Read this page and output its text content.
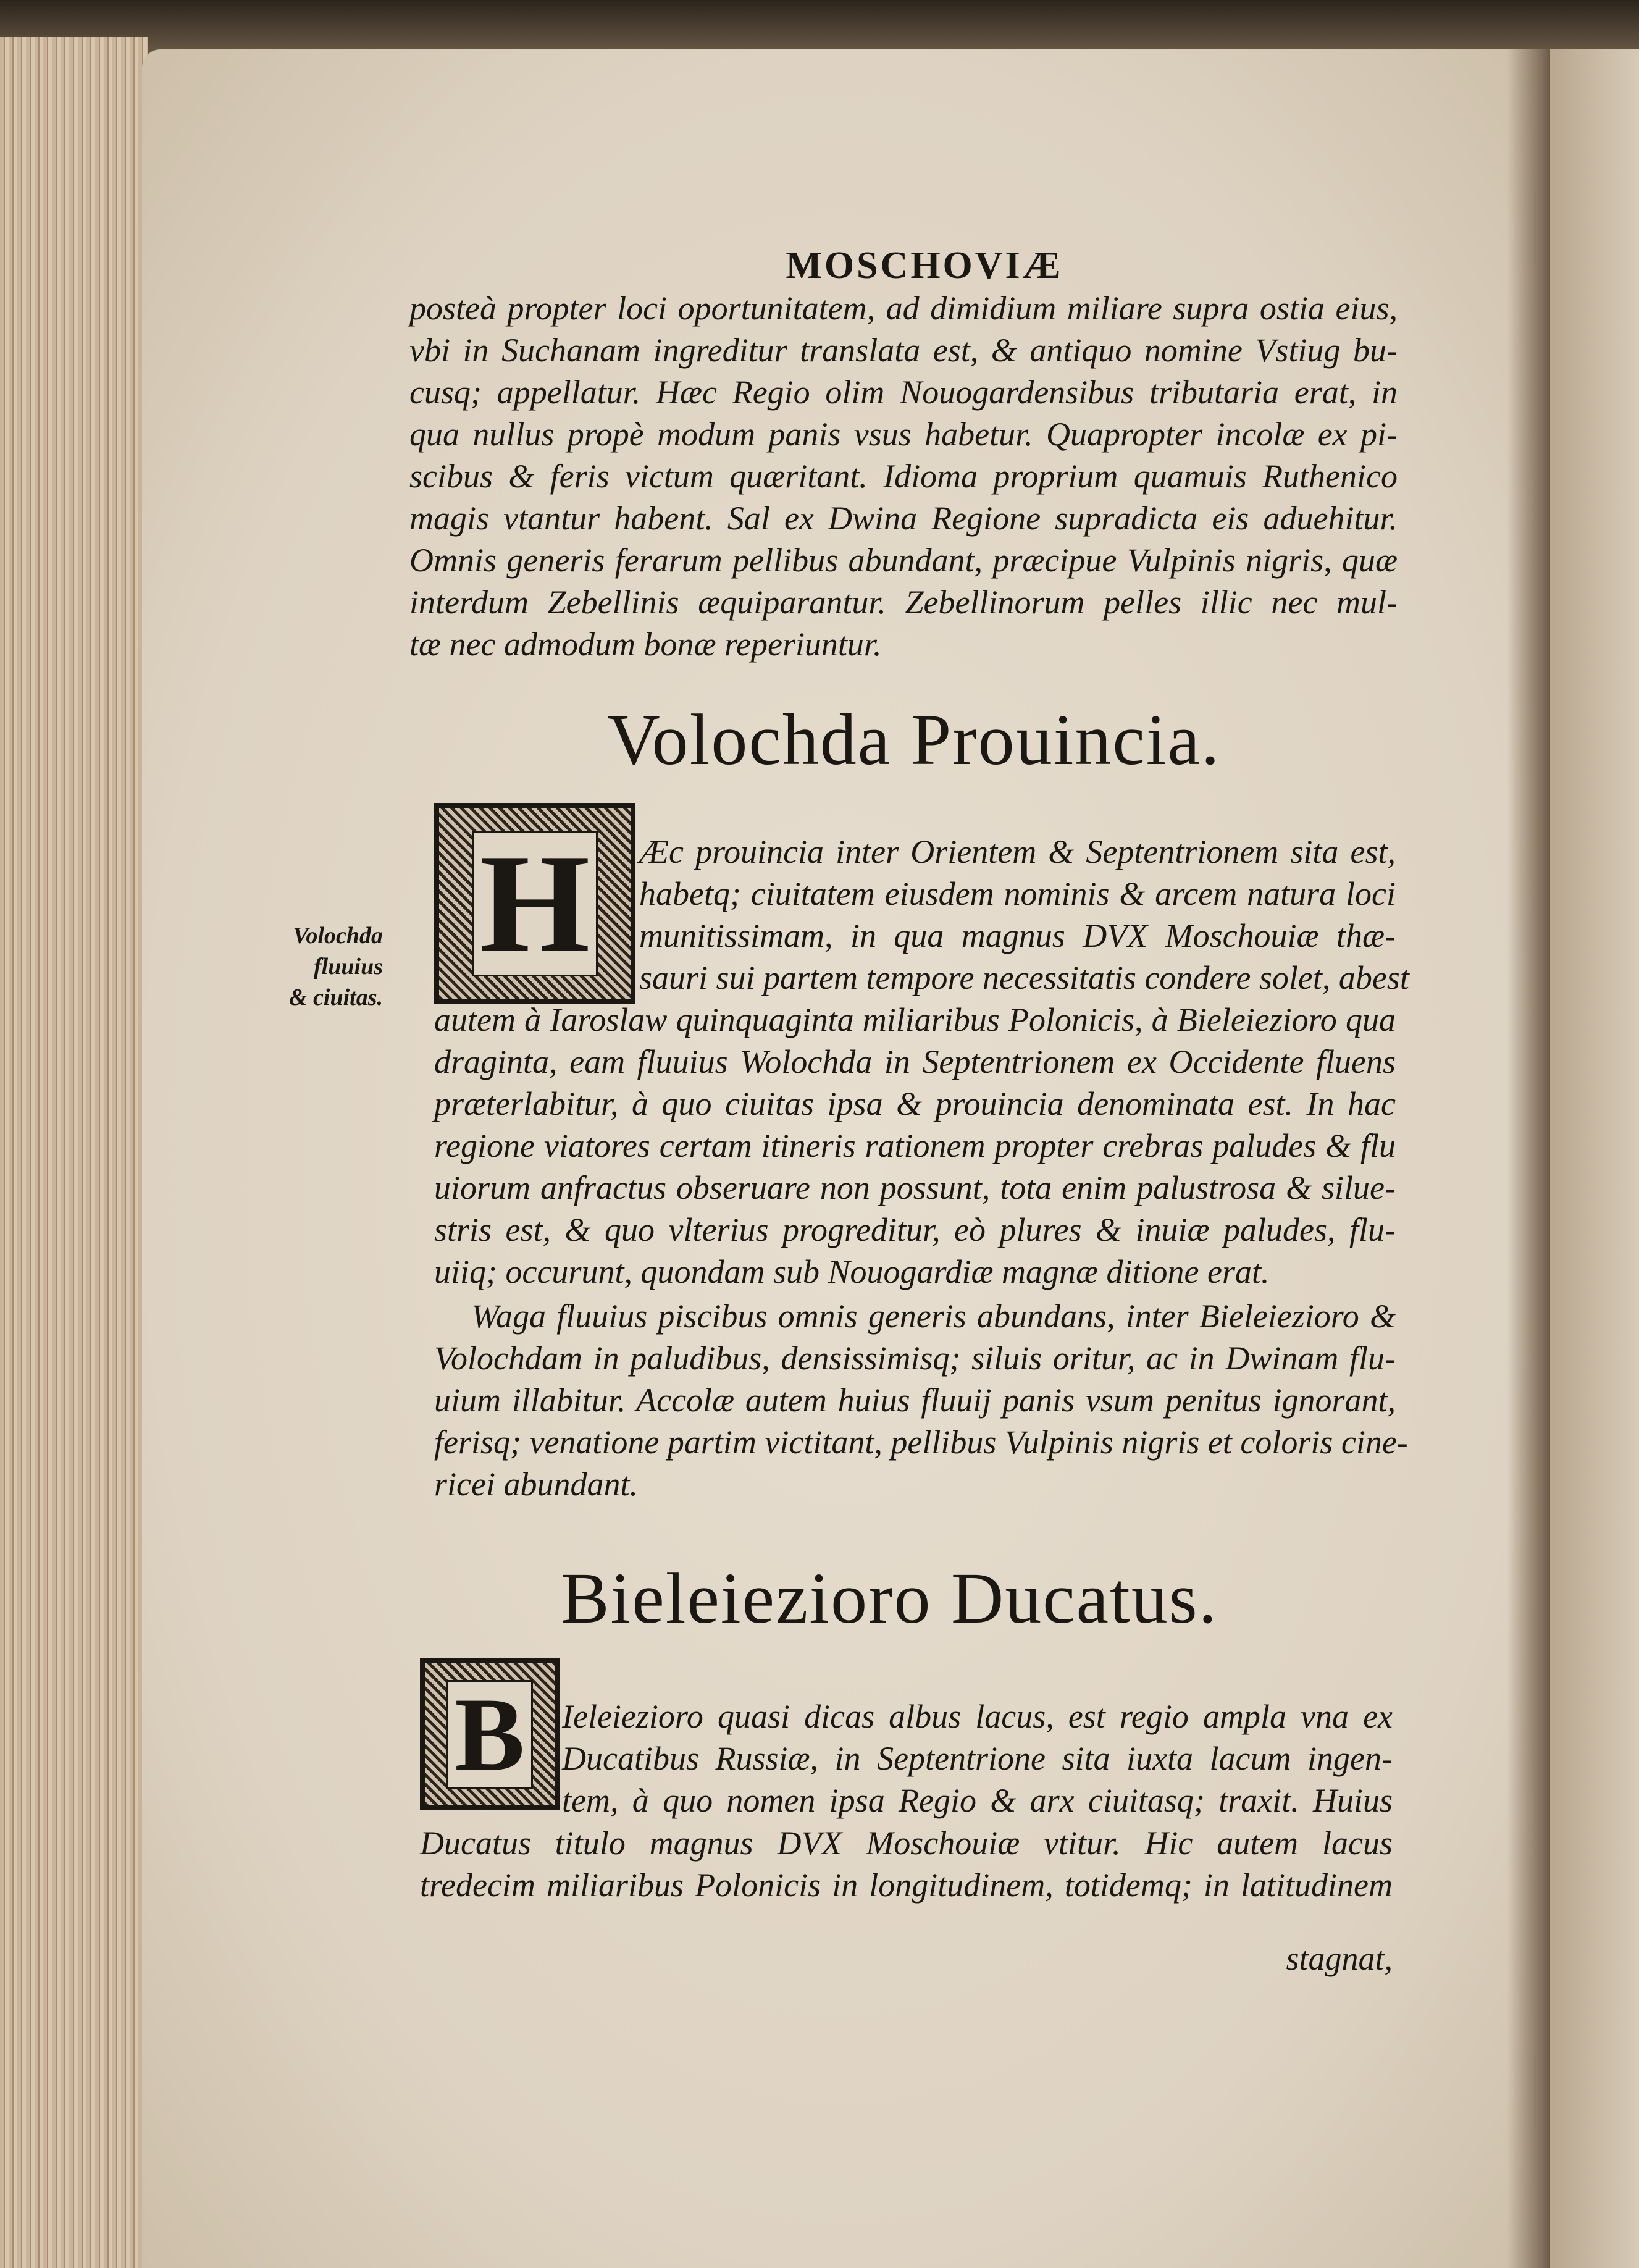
MOSCHOVIÆ
posteà propter loci oportunitatem, ad dimidium miliare supra ostia eius,
vbi in Suchanam ingreditur translata est, & antiquo nomine Vstiug bu-
cusq; appellatur. Hæc Regio olim Nouogardensibus tributaria erat, in
qua nullus propè modum panis vsus habetur. Quapropter incolæ ex pi-
scibus & feris victum quæritant. Idioma proprium quamuis Ruthenico
magis vtantur habent. Sal ex Dwina Regione supradicta eis aduehitur.
Omnis generis ferarum pellibus abundant, præcipue Vulpinis nigris, quæ
interdum Zebellinis æquiparantur. Zebellinorum pelles illic nec mul-
tæ nec admodum bonæ reperiuntur.
Volochda Prouincia.
H
Volochda fluuius
& ciuitas.
Æc prouincia inter Orientem & Septentrionem sita est,
habetq; ciuitatem eiusdem nominis & arcem natura loci
munitissimam, in qua magnus DVX Moschouiæ thæ-
sauri sui partem tempore necessitatis condere solet, abest
autem à Iaroslaw quinquaginta miliaribus Polonicis, à Bieleiezioro qua
draginta, eam fluuius Wolochda in Septentrionem ex Occidente fluens
præterlabitur, à quo ciuitas ipsa & prouincia denominata est. In hac
regione viatores certam itineris rationem propter crebras paludes & flu
uiorum anfractus obseruare non possunt, tota enim palustrosa & silue-
stris est, & quo vlterius progreditur, eò plures & inuiæ paludes, flu-
uiiq; occurunt, quondam sub Nouogardiæ magnæ ditione erat.
Waga fluuius piscibus omnis generis abundans, inter Bieleiezioro &
Volochdam in paludibus, densissimisq; siluis oritur, ac in Dwinam flu-
uium illabitur. Accolæ autem huius fluuij panis vsum penitus ignorant,
ferisq; venatione partim victitant, pellibus Vulpinis nigris et coloris cine-
ricei abundant.
Bieleiezioro Ducatus.
B Ieleiezioro quasi dicas albus lacus, est regio ampla vna ex
Ducatibus Russiæ, in Septentrione sita iuxta lacum ingen-
tem, à quo nomen ipsa Regio & arx ciuitasq; traxit. Huius
Ducatus titulo magnus DVX Moschouiæ vtitur. Hic autem lacus
tredecim miliaribus Polonicis in longitudinem, totidemq; in latitudinem
stagnat,
